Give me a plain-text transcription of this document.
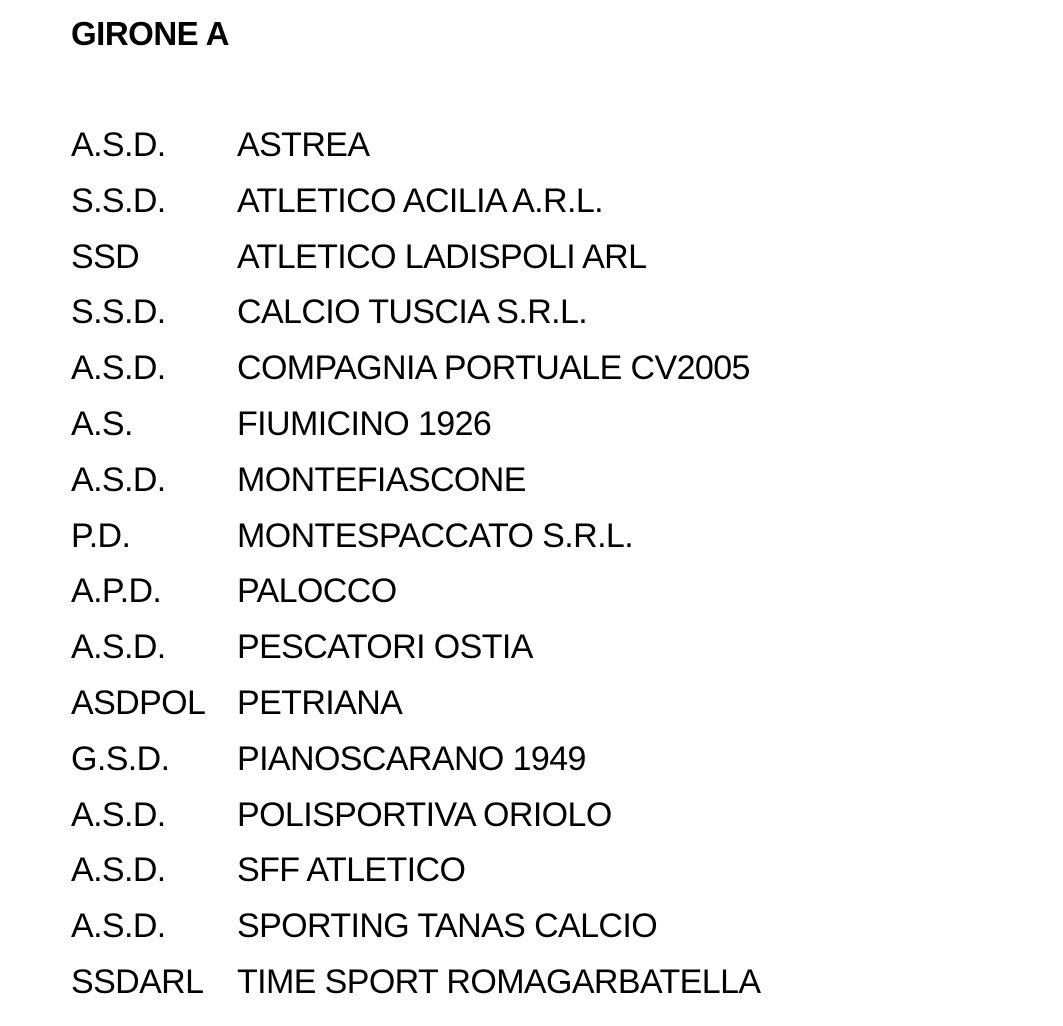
GIRONE A
A.S.D.	ASTREA
S.S.D.	ATLETICO ACILIA A.R.L.
SSD	ATLETICO LADISPOLI ARL
S.S.D.	CALCIO TUSCIA S.R.L.
A.S.D.	COMPAGNIA PORTUALE CV2005
A.S.	FIUMICINO 1926
A.S.D.	MONTEFIASCONE
P.D.	MONTESPACCATO S.R.L.
A.P.D.	PALOCCO
A.S.D.	PESCATORI OSTIA
ASDPOL PETRIANA
G.S.D.	PIANOSCARANO 1949
A.S.D.	POLISPORTIVA ORIOLO
A.S.D.	SFF ATLETICO
A.S.D.	SPORTING TANAS CALCIO
SSDARL TIME SPORT ROMAGARBATELLA
